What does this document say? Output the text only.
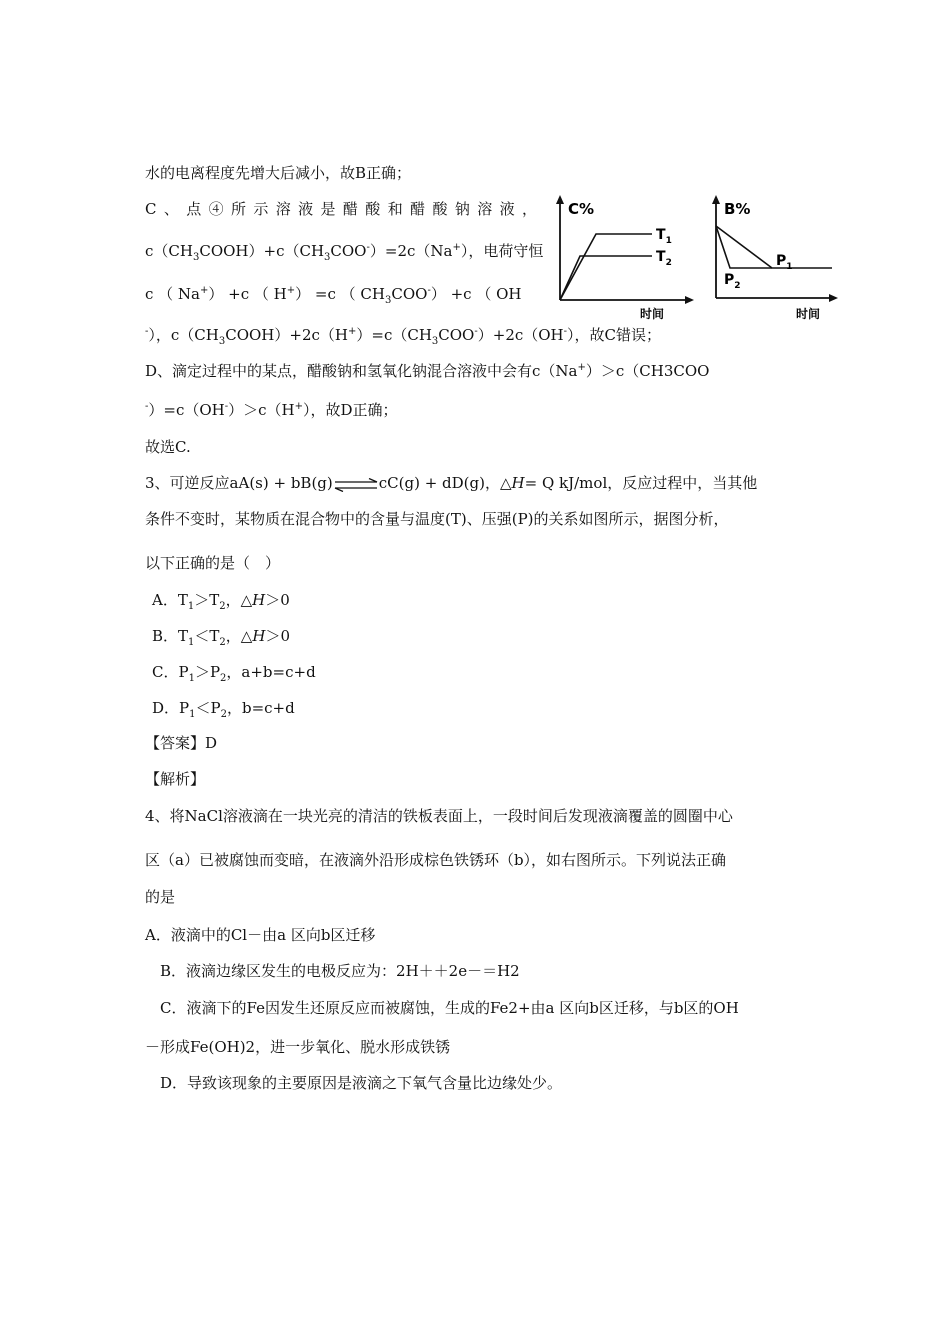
水的电离程度先增大后减小，故B正确；
C、点④所示溶液是醋酸和醋酸钠溶液，
$c(CH_3COOH)+c(CH_3COO^-)=2c(Na^+)$，电荷守恒
c （ Na+） +c （ H+） =c （ $CH_3COO^-) +c$ （ OH
-），$c(CH_3COOH)+2c(H^+)=c(CH_3COO^-)+2c(OH^-)$，故C错误；
D、滴定过程中的某点，醋酸钠和氢氧化钠混合溶液中会有c（Na+）＞c（CH3COO
-）=c（OH-）＞c（H+），故D正确；
故选C.
3、可逆反应aA(s) + bB(g)⇌cC(g) + dD(g)，△H= Q kJ/mol，反应过程中，当其他
条件不变时，某物质在混合物中的含量与温度(T)、压强(P)的关系如图所示，据图分析，
以下正确的是（　）
A．$T_1>T_2$，△H＞0
B．$T_1<T_2$，△H＞0
C．$P_1>P_2$，a+b=c+d
D．$P_1<P_2$，b=c+d
【答案】D
【解析】
4、将NaCl溶液滴在一块光亮的清洁的铁板表面上，一段时间后发现液滴覆盖的圆圈中心
区（a）已被腐蚀而变暗，在液滴外沿形成棕色铁锈环（b），如右图所示。下列说法正确
的是
A．液滴中的Cl－由a 区向b区迁移
B．液滴边缘区发生的电极反应为：2H＋＋2e－＝H2
C．液滴下的Fe因发生还原反应而被腐蚀，生成的Fe2+由a 区向b区迁移，与b区的OH
－形成Fe(OH)2，进一步氧化、脱水形成铁锈
D．导致该现象的主要原因是液滴之下氧气含量比边缘处少。
C%
时间
$T_1$
$T_2$
B%
时间
$P_1$
$P_2$
